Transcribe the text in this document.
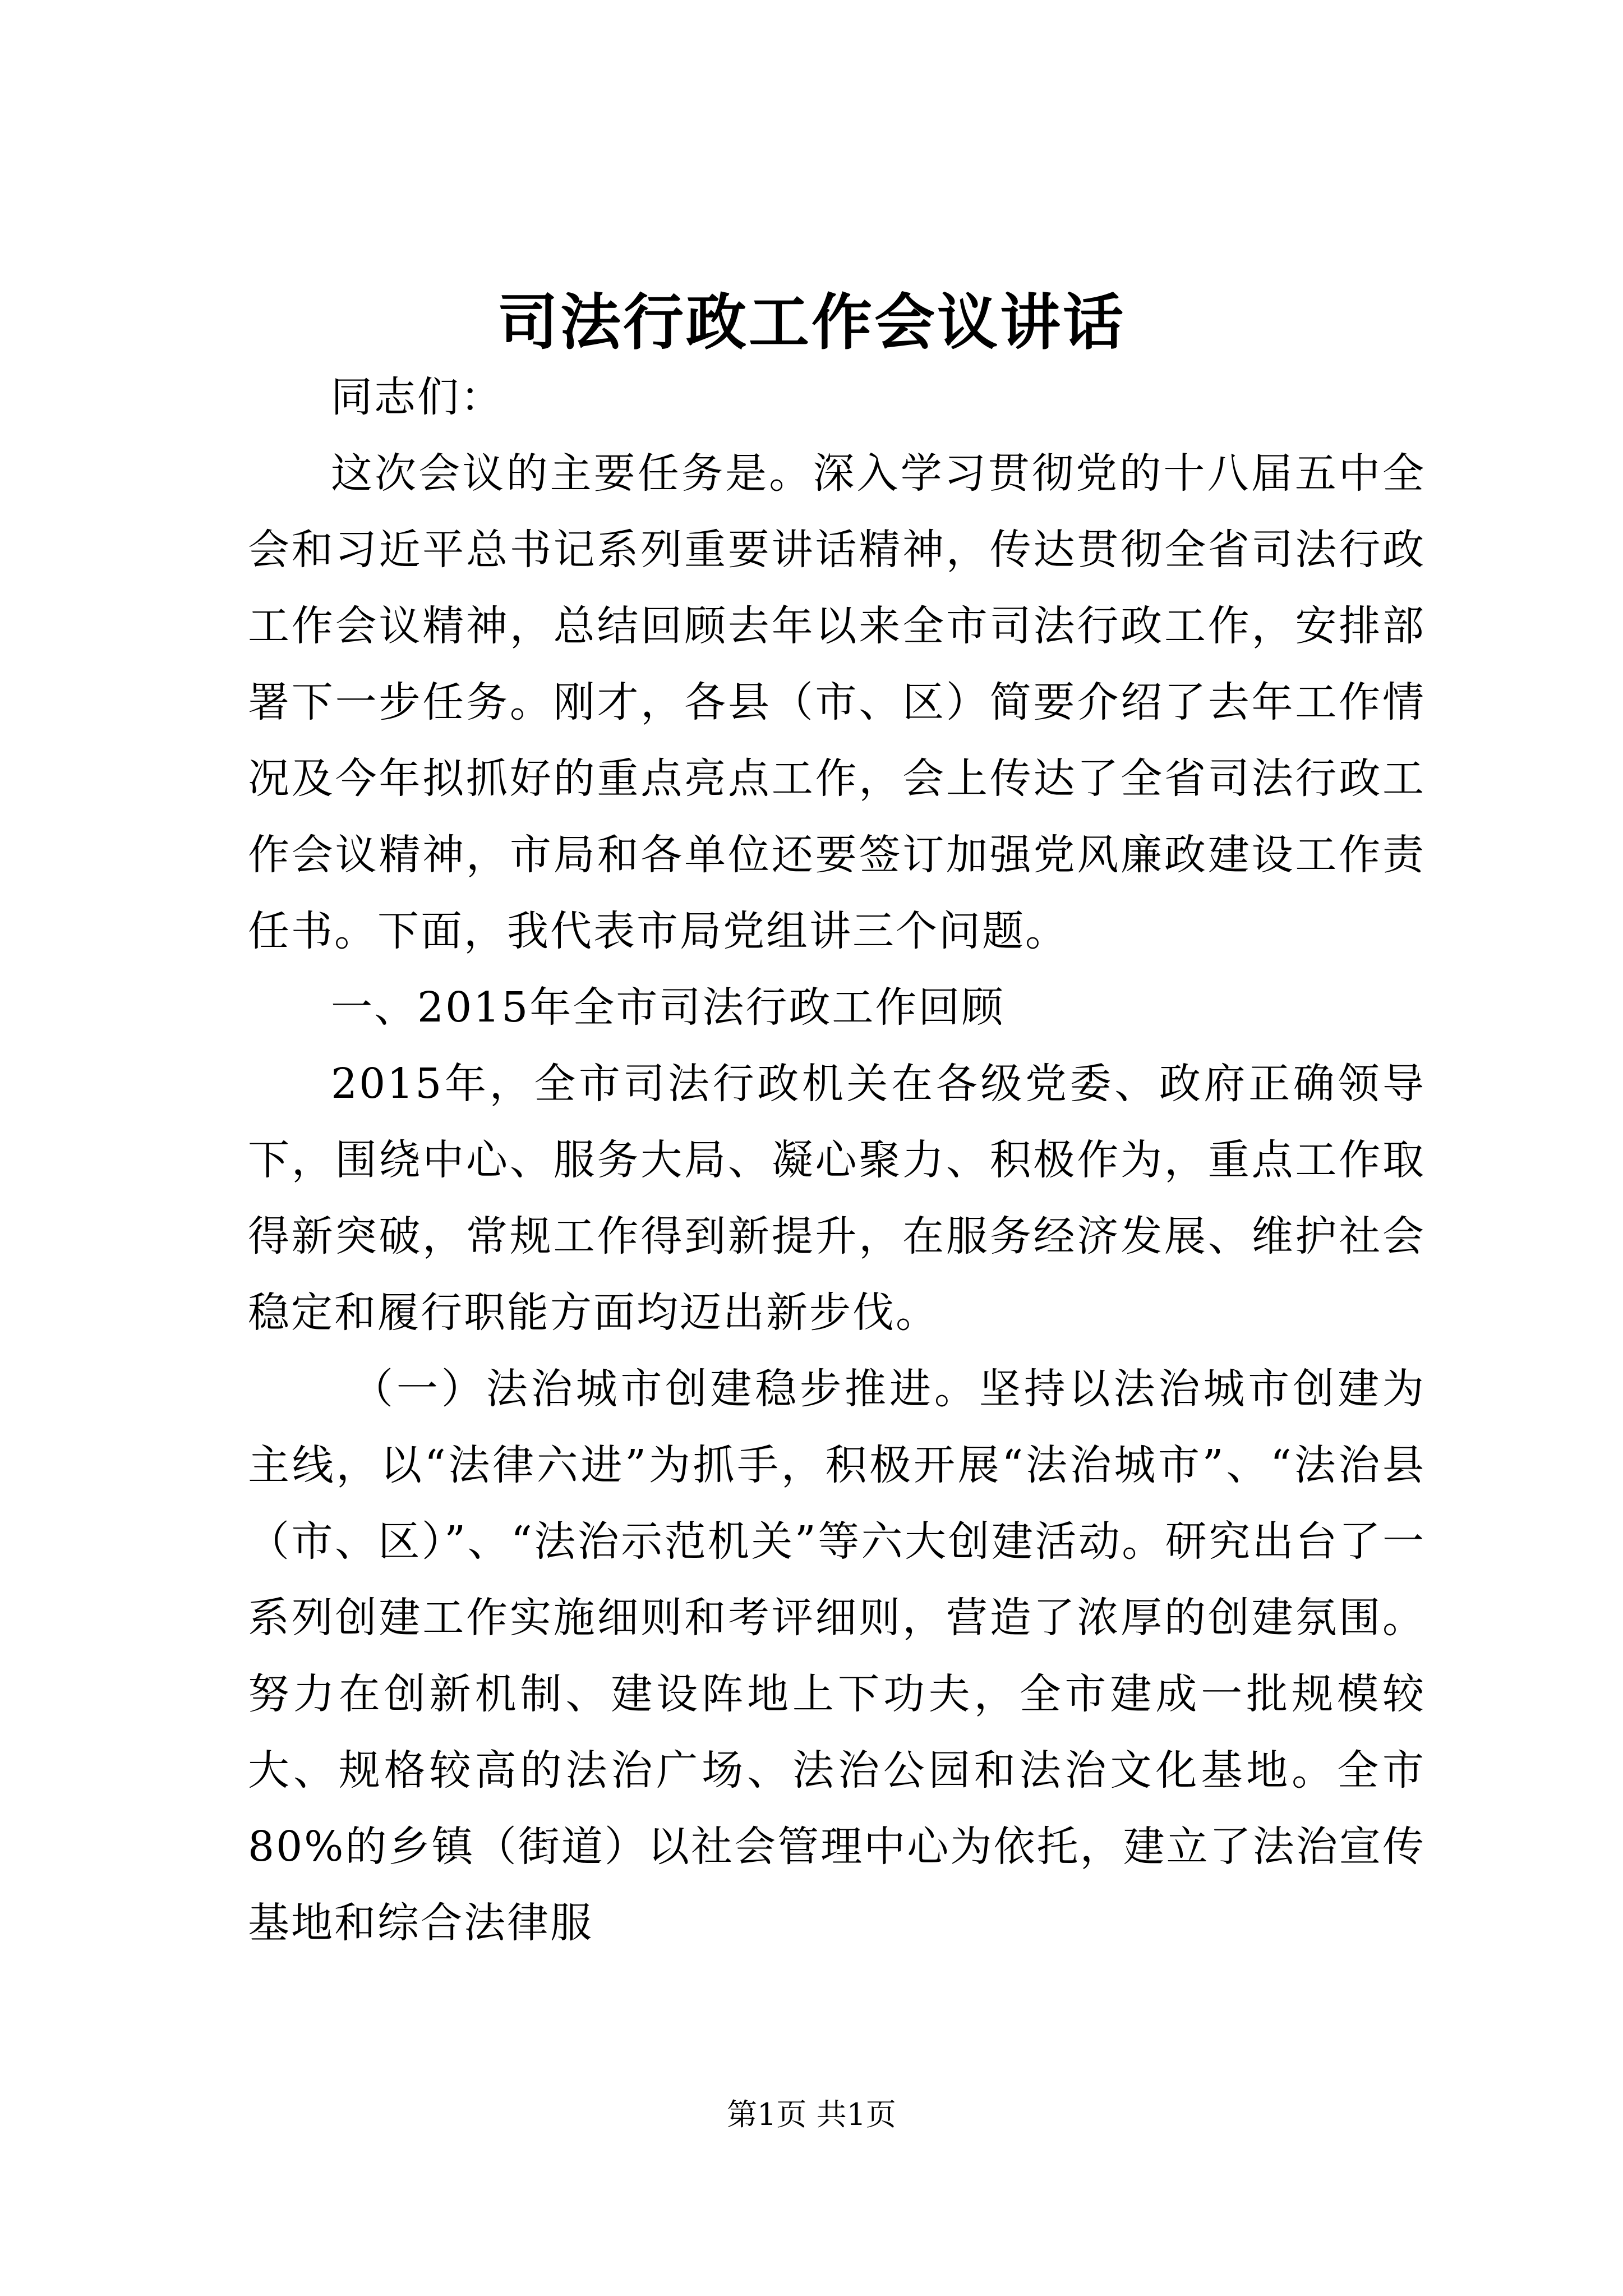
司法行政工作会议讲话

同志们：

这次会议的主要任务是。深入学习贯彻党的十八届五中全会和习近平总书记系列重要讲话精神，传达贯彻全省司法行政工作会议精神，总结回顾去年以来全市司法行政工作，安排部署下一步任务。刚才，各县（市、区）简要介绍了去年工作情况及今年拟抓好的重点亮点工作，会上传达了全省司法行政工作会议精神，市局和各单位还要签订加强党风廉政建设工作责任书。下面，我代表市局党组讲三个问题。

一、2015年全市司法行政工作回顾

2015年，全市司法行政机关在各级党委、政府正确领导下，围绕中心、服务大局、凝心聚力、积极作为，重点工作取得新突破，常规工作得到新提升，在服务经济发展、维护社会稳定和履行职能方面均迈出新步伐。

（一）法治城市创建稳步推进。坚持以法治城市创建为主线，以“法律六进”为抓手，积极开展“法治城市”、“法治县（市、区）”、“法治示范机关”等六大创建活动。研究出台了一系列创建工作实施细则和考评细则，营造了浓厚的创建氛围。努力在创新机制、建设阵地上下功夫，全市建成一批规模较大、规格较高的法治广场、法治公园和法治文化基地。全市80%的乡镇（街道）以社会管理中心为依托，建立了法治宣传基地和综合法律服

第1页 共1页
